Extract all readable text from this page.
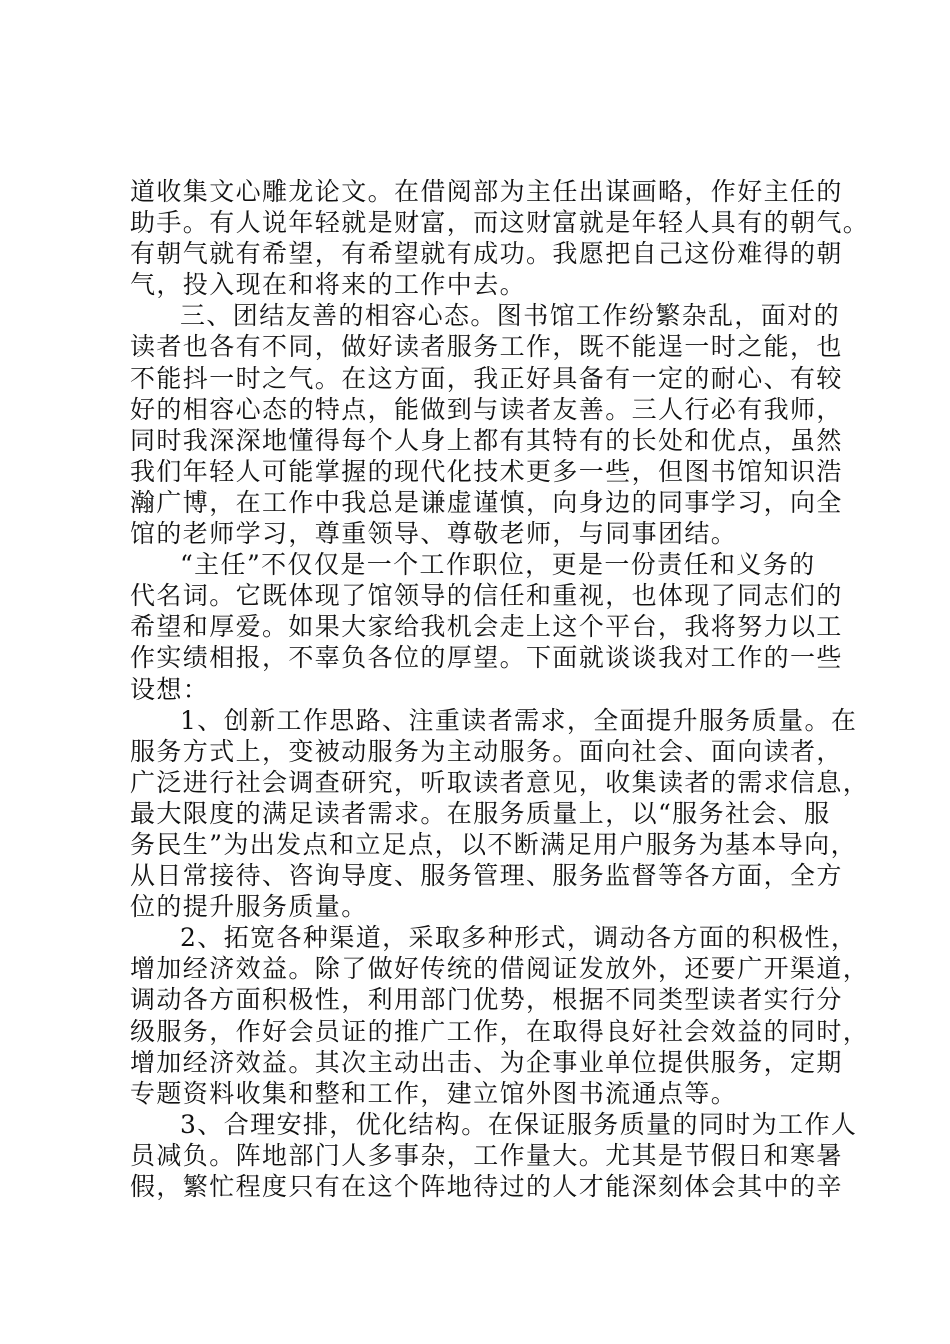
道收集文心雕龙论文。在借阅部为主任出谋画略，作好主任的
助手。有人说年轻就是财富，而这财富就是年轻人具有的朝气。
有朝气就有希望，有希望就有成功。我愿把自己这份难得的朝
气，投入现在和将来的工作中去。
三、团结友善的相容心态。图书馆工作纷繁杂乱，面对的
读者也各有不同，做好读者服务工作，既不能逞一时之能，也
不能抖一时之气。在这方面，我正好具备有一定的耐心、有较
好的相容心态的特点，能做到与读者友善。三人行必有我师，
同时我深深地懂得每个人身上都有其特有的长处和优点，虽然
我们年轻人可能掌握的现代化技术更多一些，但图书馆知识浩
瀚广博，在工作中我总是谦虚谨慎，向身边的同事学习，向全
馆的老师学习，尊重领导、尊敬老师，与同事团结。
“主任”不仅仅是一个工作职位，更是一份责任和义务的
代名词。它既体现了馆领导的信任和重视，也体现了同志们的
希望和厚爱。如果大家给我机会走上这个平台，我将努力以工
作实绩相报，不辜负各位的厚望。下面就谈谈我对工作的一些
设想：
1、创新工作思路、注重读者需求，全面提升服务质量。在
服务方式上，变被动服务为主动服务。面向社会、面向读者，
广泛进行社会调查研究，听取读者意见，收集读者的需求信息，
最大限度的满足读者需求。在服务质量上，以“服务社会、服
务民生”为出发点和立足点，以不断满足用户服务为基本导向，
从日常接待、咨询导度、服务管理、服务监督等各方面，全方
位的提升服务质量。
2、拓宽各种渠道，采取多种形式，调动各方面的积极性，
增加经济效益。除了做好传统的借阅证发放外，还要广开渠道，
调动各方面积极性，利用部门优势，根据不同类型读者实行分
级服务，作好会员证的推广工作，在取得良好社会效益的同时，
增加经济效益。其次主动出击、为企事业单位提供服务，定期
专题资料收集和整和工作，建立馆外图书流通点等。
3、合理安排，优化结构。在保证服务质量的同时为工作人
员减负。阵地部门人多事杂，工作量大。尤其是节假日和寒暑
假，繁忙程度只有在这个阵地待过的人才能深刻体会其中的辛
